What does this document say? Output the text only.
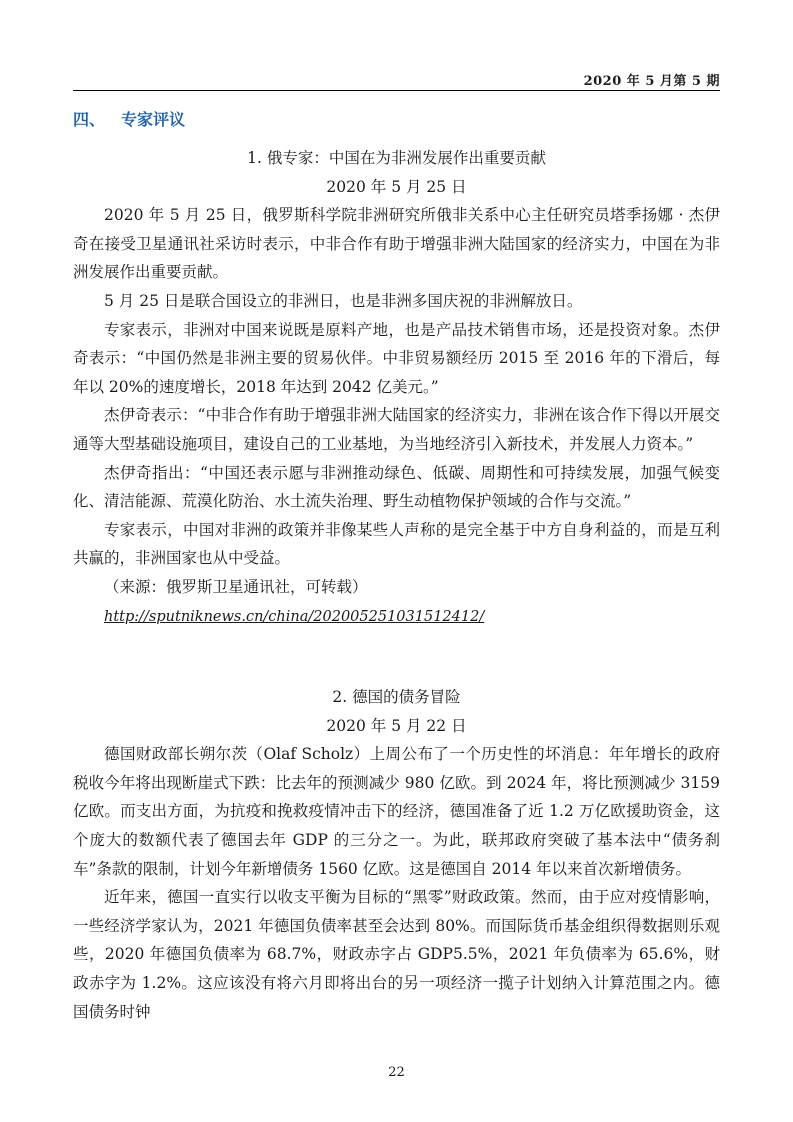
2020 年 5 月第 5 期
四、 专家评议
1. 俄专家：中国在为非洲发展作出重要贡献
2020 年 5 月 25 日

2020 年 5 月 25 日，俄罗斯科学院非洲研究所俄非关系中心主任研究员塔季扬娜 · 杰伊奇在接受卫星通讯社采访时表示，中非合作有助于增强非洲大陆国家的经济实力，中国在为非洲发展作出重要贡献。

5 月 25 日是联合国设立的非洲日，也是非洲多国庆祝的非洲解放日。

专家表示，非洲对中国来说既是原料产地，也是产品技术销售市场，还是投资对象。杰伊奇表示：“中国仍然是非洲主要的贸易伙伴。中非贸易额经历 2015 至 2016 年的下滑后，每年以 20%的速度增长，2018 年达到 2042 亿美元。”

杰伊奇表示：“中非合作有助于增强非洲大陆国家的经济实力，非洲在该合作下得以开展交通等大型基础设施项目，建设自己的工业基地，为当地经济引入新技术，并发展人力资本。”

杰伊奇指出：“中国还表示愿与非洲推动绿色、低碳、周期性和可持续发展，加强气候变化、清洁能源、荒漠化防治、水土流失治理、野生动植物保护领域的合作与交流。”

专家表示，中国对非洲的政策并非像某些人声称的是完全基于中方自身利益的，而是互利共赢的，非洲国家也从中受益。

（来源：俄罗斯卫星通讯社，可转载）

http://sputniknews.cn/china/202005251031512412/
2. 德国的债务冒险
2020 年 5 月 22 日

德国财政部长朔尔茨（Olaf Scholz）上周公布了一个历史性的坏消息：年年增长的政府税收今年将出现断崖式下跌：比去年的预测减少 980 亿欧。到 2024 年，将比预测减少 3159 亿欧。而支出方面，为抗疫和挽救疫情冲击下的经济，德国准备了近 1.2 万亿欧援助资金，这个庞大的数额代表了德国去年 GDP 的三分之一。为此，联邦政府突破了基本法中“债务刹车”条款的限制，计划今年新增债务 1560 亿欧。这是德国自 2014 年以来首次新增债务。

近年来，德国一直实行以收支平衡为目标的“黑零”财政政策。然而，由于应对疫情影响，一些经济学家认为，2021 年德国负债率甚至会达到 80%。而国际货币基金组织得数据则乐观些，2020 年德国负债率为 68.7%，财政赤字占 GDP5.5%，2021 年负债率为 65.6%，财政赤字为 1.2%。这应该没有将六月即将出台的另一项经济一揽子计划纳入计算范围之内。德国债务时钟

22
